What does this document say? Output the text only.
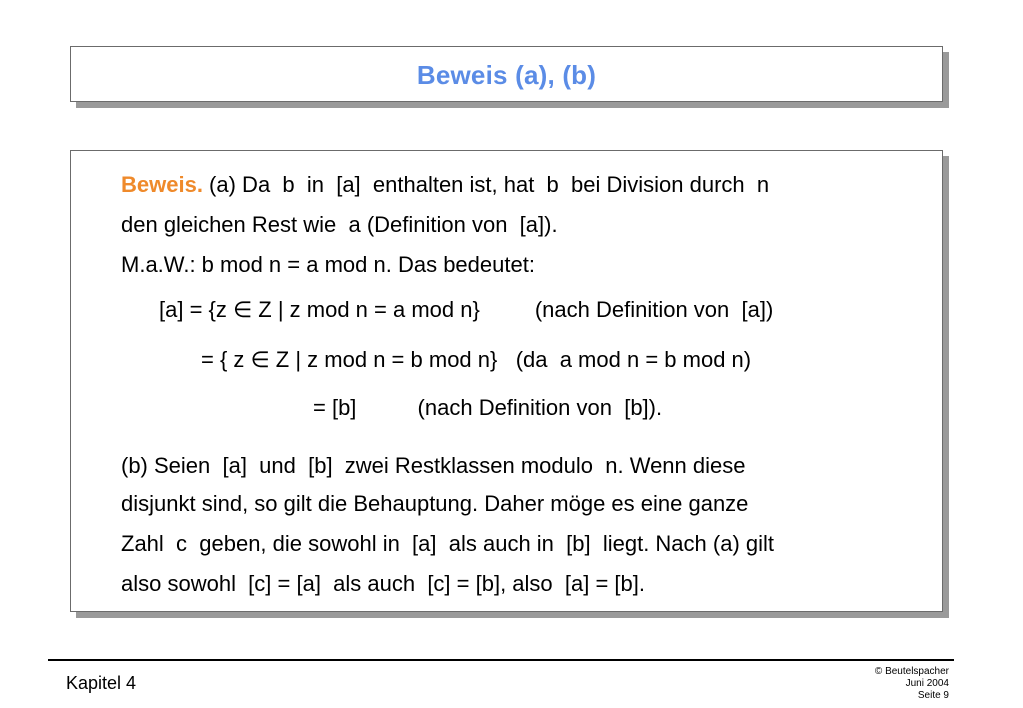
Beweis (a), (b)
Beweis. (a) Da  b  in  [a]  enthalten ist, hat  b  bei Division durch  n
den gleichen Rest wie  a (Definition von  [a]).
M.a.W.: b mod n = a mod n. Das bedeutet:
[a] = {z ∈ Z | z mod n = a mod n}         (nach Definition von  [a])
= { z ∈ Z | z mod n = b mod n}   (da  a mod n = b mod n)
= [b]          (nach Definition von  [b]).
(b) Seien  [a]  und  [b]  zwei Restklassen modulo  n. Wenn diese
disjunkt sind, so gilt die Behauptung. Daher möge es eine ganze
Zahl  c  geben, die sowohl in  [a]  als auch in  [b]  liegt. Nach (a) gilt
also sowohl  [c] = [a]  als auch  [c] = [b], also  [a] = [b].
Kapitel 4
© Beutelspacher
Juni 2004
Seite 9
